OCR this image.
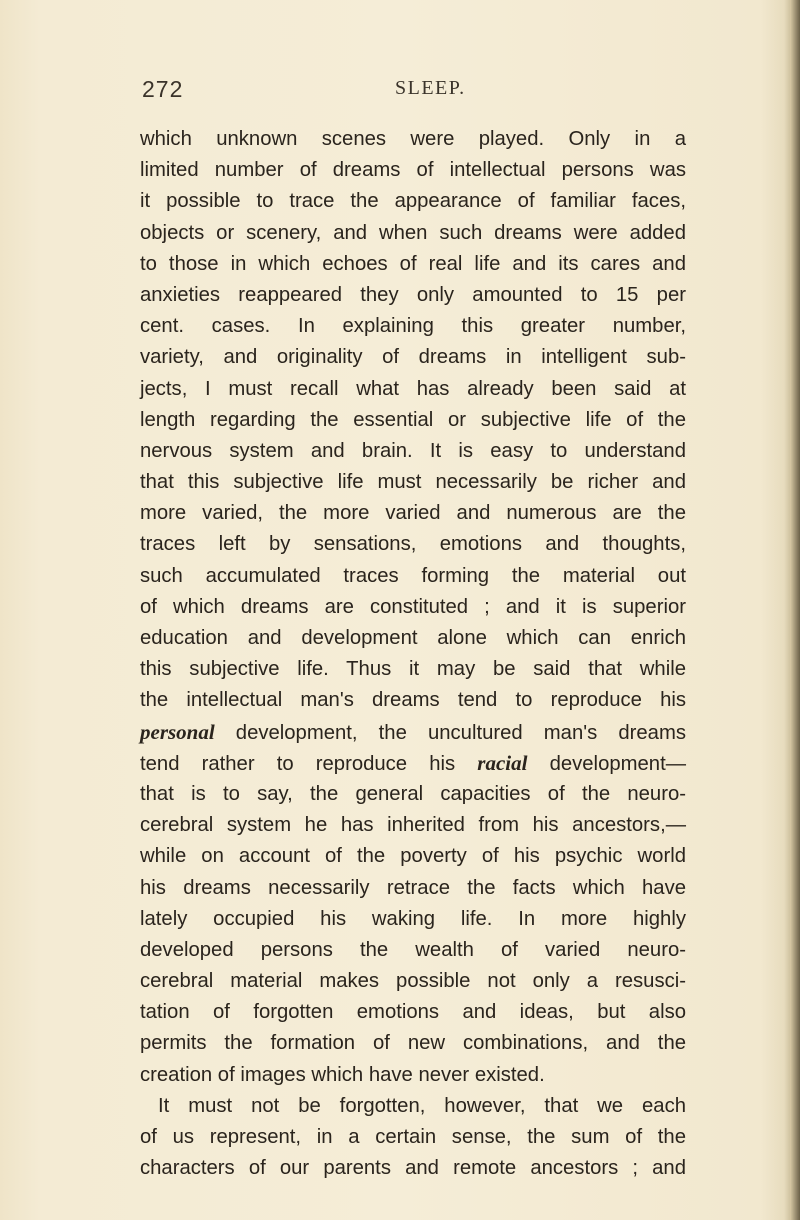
272	SLEEP.
which unknown scenes were played. Only in a
limited number of dreams of intellectual persons was
it possible to trace the appearance of familiar faces,
objects or scenery, and when such dreams were added
to those in which echoes of real life and its cares and
anxieties reappeared they only amounted to 15 per
cent. cases. In explaining this greater number,
variety, and originality of dreams in intelligent sub-
jects, I must recall what has already been said at
length regarding the essential or subjective life of the
nervous system and brain. It is easy to understand
that this subjective life must necessarily be richer and
more varied, the more varied and numerous are the
traces left by sensations, emotions and thoughts,
such accumulated traces forming the material out
of which dreams are constituted ; and it is superior
education and development alone which can enrich
this subjective life. Thus it may be said that while
the intellectual man's dreams tend to reproduce his
personal development, the uncultured man's dreams
tend rather to reproduce his racial development—
that is to say, the general capacities of the neuro-
cerebral system he has inherited from his ancestors,—
while on account of the poverty of his psychic world
his dreams necessarily retrace the facts which have
lately occupied his waking life. In more highly
developed persons the wealth of varied neuro-
cerebral material makes possible not only a resusci-
tation of forgotten emotions and ideas, but also
permits the formation of new combinations, and the
creation of images which have never existed.
It must not be forgotten, however, that we each
of us represent, in a certain sense, the sum of the
characters of our parents and remote ancestors ; and
